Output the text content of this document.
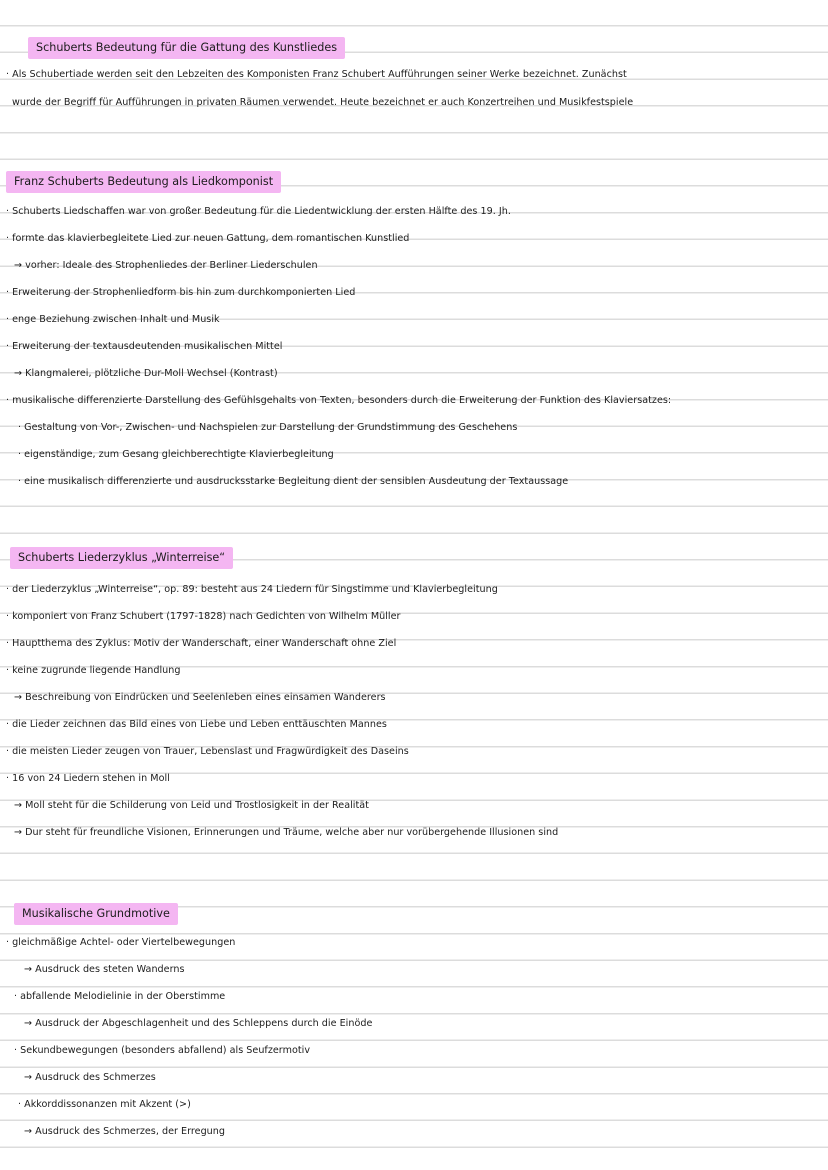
Schuberts Bedeutung für die Gattung des Kunstliedes
· Als Schubertiade werden seit den Lebzeiten des Komponisten Franz Schubert Aufführungen seiner Werke bezeichnet. Zunächst
wurde der Begriff für Aufführungen in privaten Räumen verwendet. Heute bezeichnet er auch Konzertreihen und Musikfestspiele
Franz Schuberts Bedeutung als Liedkomponist
· Schuberts Liedschaffen war von großer Bedeutung für die Liedentwicklung der ersten Hälfte des 19. Jh.
· formte das klavierbegleitete Lied zur neuen Gattung, dem romantischen Kunstlied
→ vorher: Ideale des Strophenliedes der Berliner Liederschulen
· Erweiterung der Strophenliedform bis hin zum durchkomponierten Lied
· enge Beziehung zwischen Inhalt und Musik
· Erweiterung der textausdeutenden musikalischen Mittel
→ Klangmalerei, plötzliche Dur-Moll Wechsel (Kontrast)
· musikalische differenzierte Darstellung des Gefühlsgehalts von Texten, besonders durch die Erweiterung der Funktion des Klaviersatzes:
· Gestaltung von Vor-, Zwischen- und Nachspielen zur Darstellung der Grundstimmung des Geschehens
· eigenständige, zum Gesang gleichberechtigte Klavierbegleitung
· eine musikalisch differenzierte und ausdrucksstarke Begleitung dient der sensiblen Ausdeutung der Textaussage
Schuberts Liederzyklus „Winterreise“
· der Liederzyklus „Winterreise“, op. 89: besteht aus 24 Liedern für Singstimme und Klavierbegleitung
· komponiert von Franz Schubert (1797-1828) nach Gedichten von Wilhelm Müller
· Hauptthema des Zyklus: Motiv der Wanderschaft, einer Wanderschaft ohne Ziel
· keine zugrunde liegende Handlung
→ Beschreibung von Eindrücken und Seelenleben eines einsamen Wanderers
· die Lieder zeichnen das Bild eines von Liebe und Leben enttäuschten Mannes
· die meisten Lieder zeugen von Trauer, Lebenslast und Fragwürdigkeit des Daseins
· 16 von 24 Liedern stehen in Moll
→ Moll steht für die Schilderung von Leid und Trostlosigkeit in der Realität
→ Dur steht für freundliche Visionen, Erinnerungen und Träume, welche aber nur vorübergehende Illusionen sind
Musikalische Grundmotive
· gleichmäßige Achtel- oder Viertelbewegungen
→ Ausdruck des steten Wanderns
· abfallende Melodielinie in der Oberstimme
→ Ausdruck der Abgeschlagenheit und des Schleppens durch die Einöde
· Sekundbewegungen (besonders abfallend) als Seufzermotiv
→ Ausdruck des Schmerzes
· Akkorddissonanzen mit Akzent (>)
→ Ausdruck des Schmerzes, der Erregung
